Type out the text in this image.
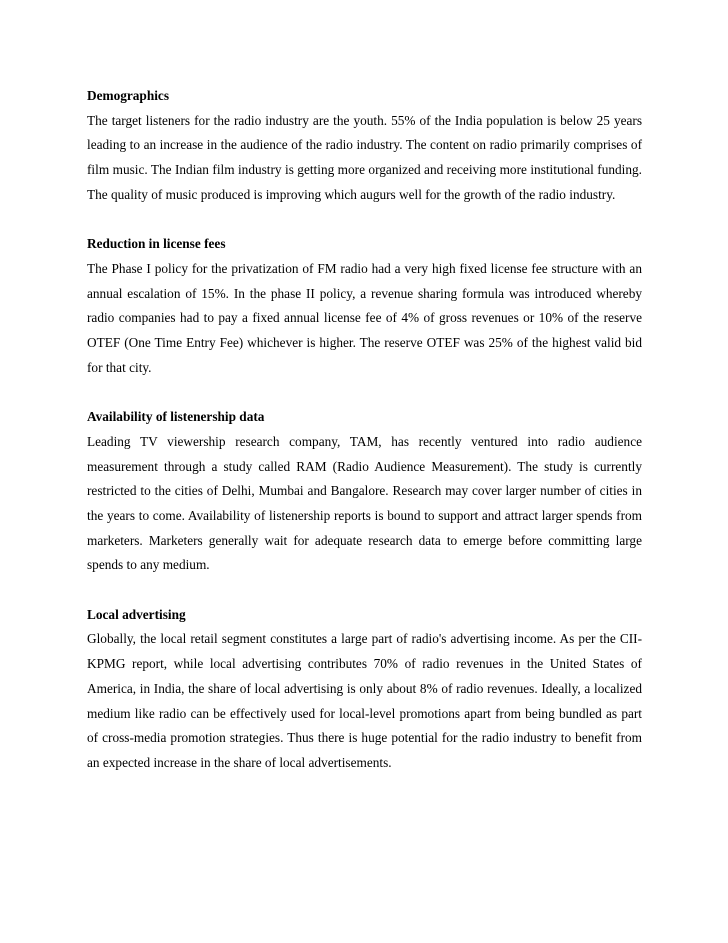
Demographics

The target listeners for the radio industry are the youth. 55% of the India population is below 25 years leading to an increase in the audience of the radio industry. The content on radio primarily comprises of film music. The Indian film industry is getting more organized and receiving more institutional funding. The quality of music produced is improving which augurs well for the growth of the radio industry.

Reduction in license fees

The Phase I policy for the privatization of FM radio had a very high fixed license fee structure with an annual escalation of 15%. In the phase II policy, a revenue sharing formula was introduced whereby radio companies had to pay a fixed annual license fee of 4% of gross revenues or 10% of the reserve OTEF (One Time Entry Fee) whichever is higher. The reserve OTEF was 25% of the highest valid bid for that city.

Availability of listenership data

Leading TV viewership research company, TAM, has recently ventured into radio audience measurement through a study called RAM (Radio Audience Measurement). The study is currently restricted to the cities of Delhi, Mumbai and Bangalore. Research may cover larger number of cities in the years to come. Availability of listenership reports is bound to support and attract larger spends from marketers. Marketers generally wait for adequate research data to emerge before committing large spends to any medium.

Local advertising

Globally, the local retail segment constitutes a large part of radio's advertising income. As per the CII-KPMG report, while local advertising contributes 70% of radio revenues in the United States of America, in India, the share of local advertising is only about 8% of radio revenues. Ideally, a localized medium like radio can be effectively used for local-level promotions apart from being bundled as part of cross-media promotion strategies. Thus there is huge potential for the radio industry to benefit from an expected increase in the share of local advertisements.
